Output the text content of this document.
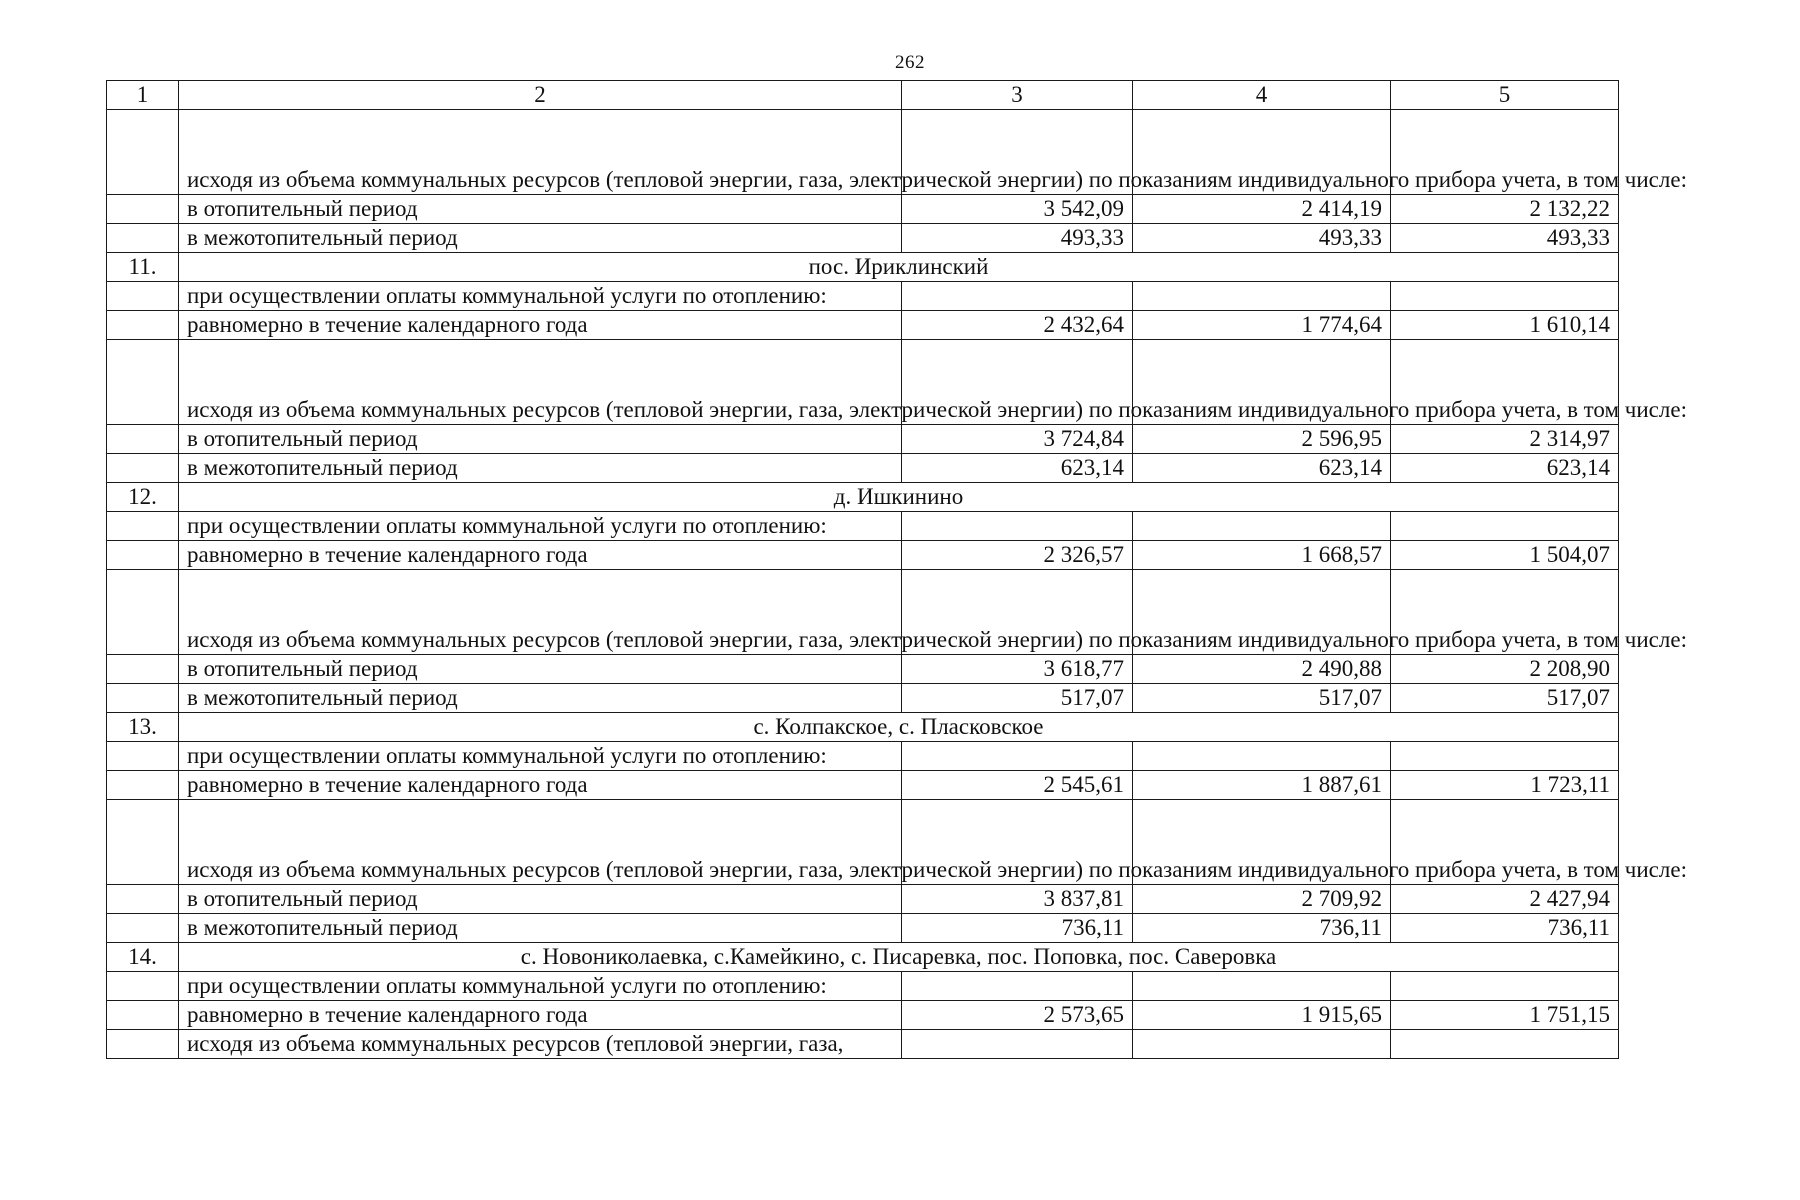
262
1	2	3	4	5
	исходя из объема коммунальных ресурсов (тепловой энергии, газа, электрической энергии) по показаниям индивидуального прибора учета, в том числе:			
	в отопительный период	3 542,09	2 414,19	2 132,22
	в межотопительный период	493,33	493,33	493,33
11.	пос. Ириклинский			
	при осуществлении оплаты коммунальной услуги по отоплению:			
	равномерно в течение календарного года	2 432,64	1 774,64	1 610,14
	исходя из объема коммунальных ресурсов (тепловой энергии, газа, электрической энергии) по показаниям индивидуального прибора учета, в том числе:			
	в отопительный период	3 724,84	2 596,95	2 314,97
	в межотопительный период	623,14	623,14	623,14
12.	д. Ишкинино			
	при осуществлении оплаты коммунальной услуги по отоплению:			
	равномерно в течение календарного года	2 326,57	1 668,57	1 504,07
	исходя из объема коммунальных ресурсов (тепловой энергии, газа, электрической энергии) по показаниям индивидуального прибора учета, в том числе:			
	в отопительный период	3 618,77	2 490,88	2 208,90
	в межотопительный период	517,07	517,07	517,07
13.	с. Колпакское, с. Пласковское			
	при осуществлении оплаты коммунальной услуги по отоплению:			
	равномерно в течение календарного года	2 545,61	1 887,61	1 723,11
	исходя из объема коммунальных ресурсов (тепловой энергии, газа, электрической энергии) по показаниям индивидуального прибора учета, в том числе:			
	в отопительный период	3 837,81	2 709,92	2 427,94
	в межотопительный период	736,11	736,11	736,11
14.	с. Новониколаевка, с.Камейкино, с. Писаревка, пос. Поповка, пос. Саверовка			
	при осуществлении оплаты коммунальной услуги по отоплению:			
	равномерно в течение календарного года	2 573,65	1 915,65	1 751,15
	исходя из объема коммунальных ресурсов (тепловой энергии, газа,			
